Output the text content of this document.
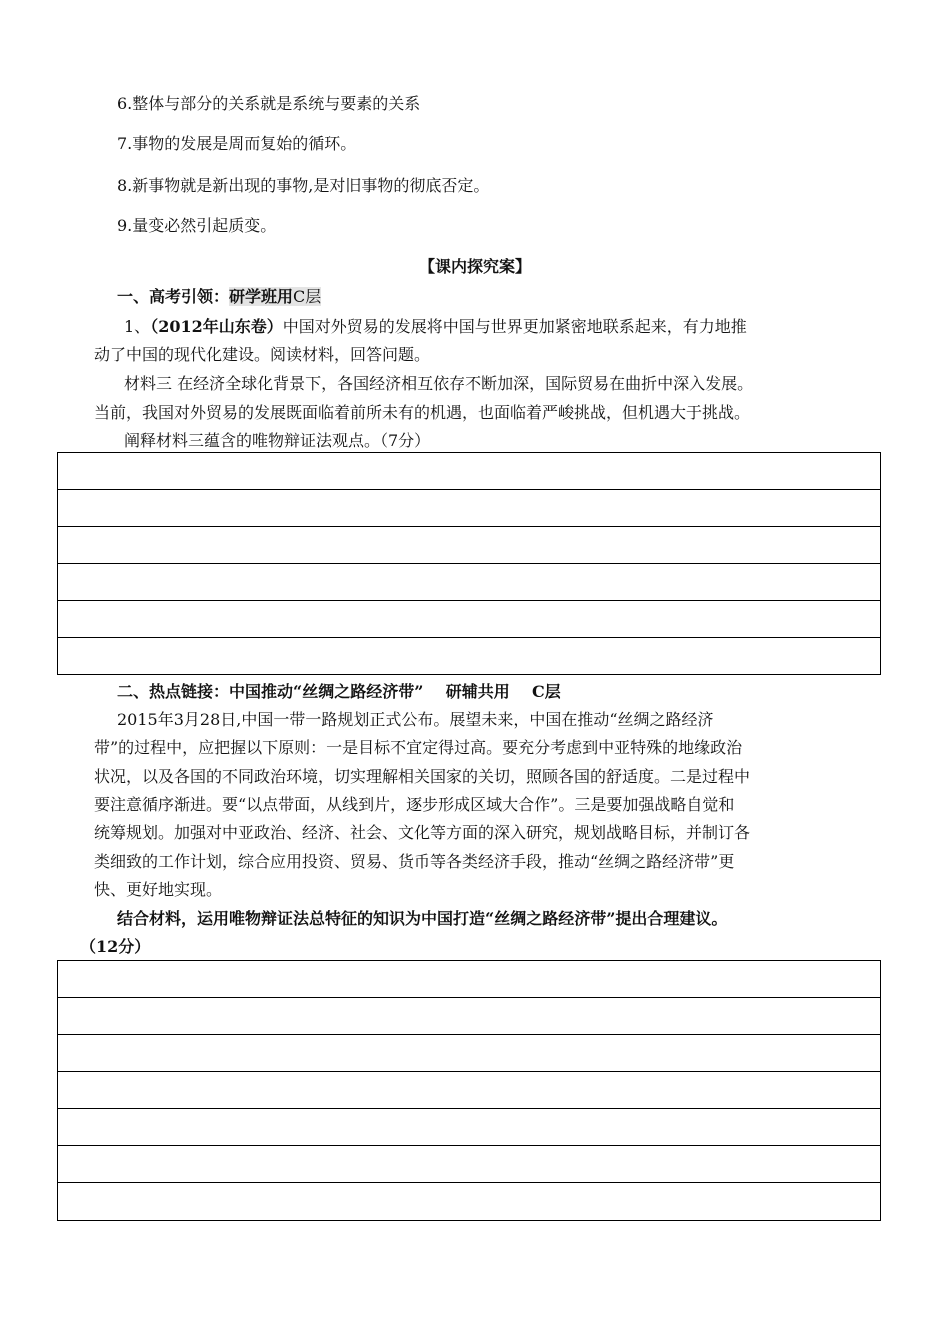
6.整体与部分的关系就是系统与要素的关系
7.事物的发展是周而复始的循环。
8.新事物就是新出现的事物,是对旧事物的彻底否定。
9.量变必然引起质变。
【课内探究案】
一、高考引领：研学班用C层
1、（2012年山东卷）中国对外贸易的发展将中国与世界更加紧密地联系起来，有力地推
动了中国的现代化建设。阅读材料，回答问题。
材料三 在经济全球化背景下，各国经济相互依存不断加深，国际贸易在曲折中深入发展。
当前，我国对外贸易的发展既面临着前所未有的机遇，也面临着严峻挑战，但机遇大于挑战。
阐释材料三蕴含的唯物辩证法观点。（7分）
二、热点链接：中国推动“丝绸之路经济带”    研辅共用    C层
2015年3月28日,中国一带一路规划正式公布。展望未来，中国在推动“丝绸之路经济
带”的过程中，应把握以下原则：一是目标不宜定得过高。要充分考虑到中亚特殊的地缘政治
状况，以及各国的不同政治环境，切实理解相关国家的关切，照顾各国的舒适度。二是过程中
要注意循序渐进。要“以点带面，从线到片，逐步形成区域大合作”。三是要加强战略自觉和
统筹规划。加强对中亚政治、经济、社会、文化等方面的深入研究，规划战略目标，并制订各
类细致的工作计划，综合应用投资、贸易、货币等各类经济手段，推动“丝绸之路经济带”更
快、更好地实现。
结合材料，运用唯物辩证法总特征的知识为中国打造“丝绸之路经济带”提出合理建议。
（12分）
